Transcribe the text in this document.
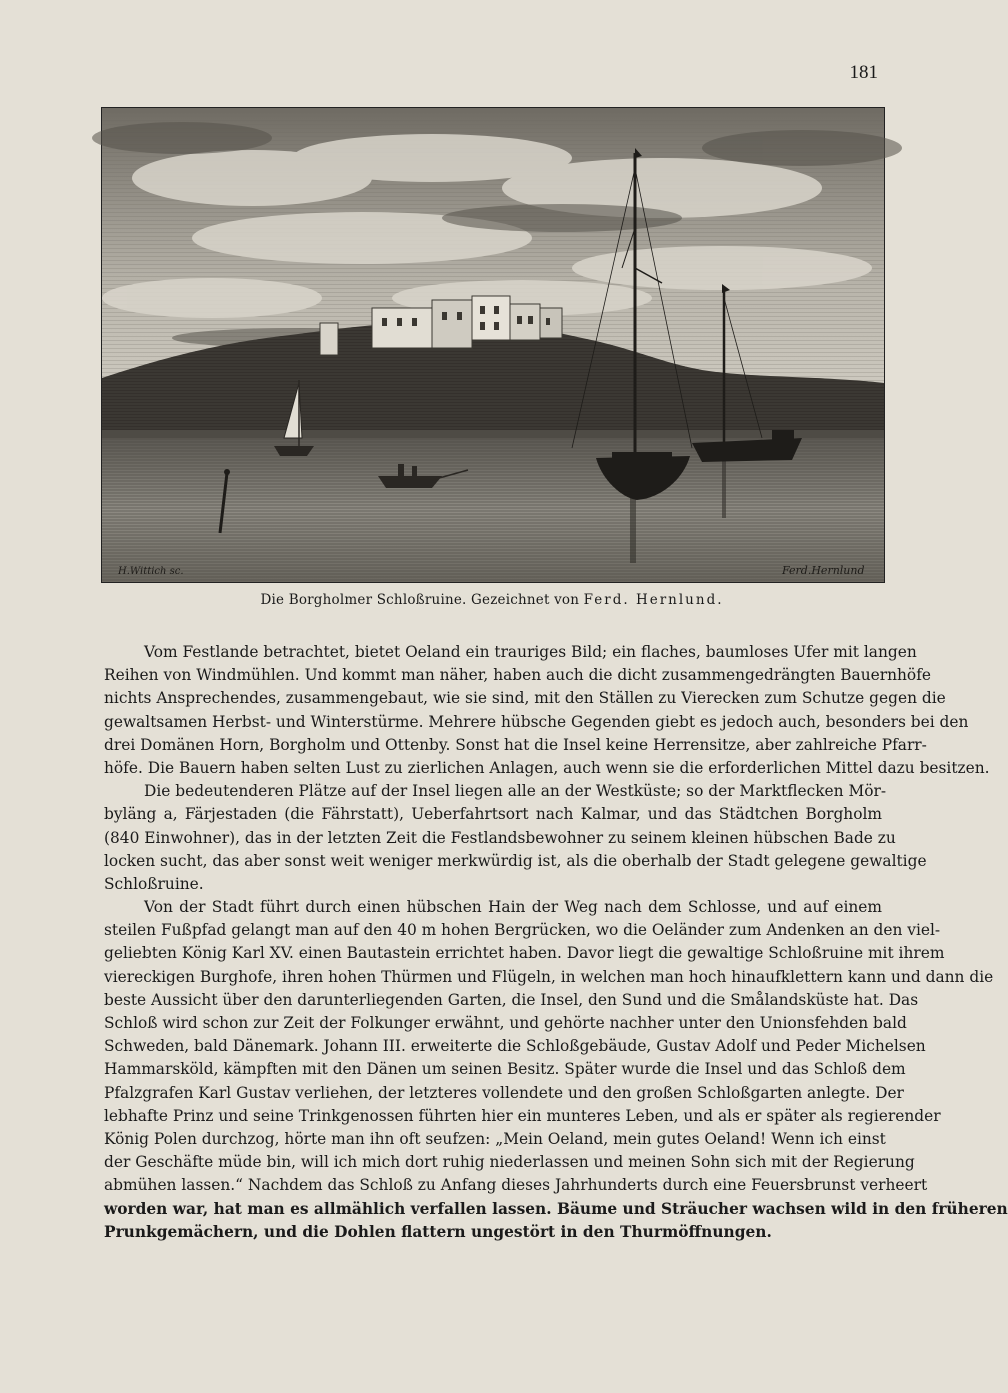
181
H.Wittich sc.	Ferd.Hernlund
Die Borgholmer Schloßruine. Gezeichnet von Ferd. Hernlund.
Vom Festlande betrachtet, bietet Oeland ein trauriges Bild; ein flaches, baumloses Ufer mit langen
Reihen von Windmühlen. Und kommt man näher, haben auch die dicht zusammengedrängten Bauernhöfe
nichts Ansprechendes, zusammengebaut, wie sie sind, mit den Ställen zu Vierecken zum Schutze gegen die
gewaltsamen Herbst- und Winterstürme. Mehrere hübsche Gegenden giebt es jedoch auch, besonders bei den
drei Domänen Horn, Borgholm und Ottenby. Sonst hat die Insel keine Herrensitze, aber zahlreiche Pfarr-
höfe. Die Bauern haben selten Lust zu zierlichen Anlagen, auch wenn sie die erforderlichen Mittel dazu besitzen.
Die bedeutenderen Plätze auf der Insel liegen alle an der Westküste; so der Marktflecken Mör-
byläng a, Färjestaden (die Fährstatt), Ueberfahrtsort nach Kalmar, und das Städtchen Borgholm
(840 Einwohner), das in der letzten Zeit die Festlandsbewohner zu seinem kleinen hübschen Bade zu
locken sucht, das aber sonst weit weniger merkwürdig ist, als die oberhalb der Stadt gelegene gewaltige
Schloßruine.
Von der Stadt führt durch einen hübschen Hain der Weg nach dem Schlosse, und auf einem
steilen Fußpfad gelangt man auf den 40 m hohen Bergrücken, wo die Oeländer zum Andenken an den viel-
geliebten König Karl XV. einen Bautastein errichtet haben. Davor liegt die gewaltige Schloßruine mit ihrem
viereckigen Burghofe, ihren hohen Thürmen und Flügeln, in welchen man hoch hinaufklettern kann und dann die
beste Aussicht über den darunterliegenden Garten, die Insel, den Sund und die Smålandsküste hat. Das
Schloß wird schon zur Zeit der Folkunger erwähnt, und gehörte nachher unter den Unionsfehden bald
Schweden, bald Dänemark. Johann III. erweiterte die Schloßgebäude, Gustav Adolf und Peder Michelsen
Hammarsköld, kämpften mit den Dänen um seinen Besitz. Später wurde die Insel und das Schloß dem
Pfalzgrafen Karl Gustav verliehen, der letzteres vollendete und den großen Schloßgarten anlegte. Der
lebhafte Prinz und seine Trinkgenossen führten hier ein munteres Leben, und als er später als regierender
König Polen durchzog, hörte man ihn oft seufzen: „Mein Oeland, mein gutes Oeland! Wenn ich einst
der Geschäfte müde bin, will ich mich dort ruhig niederlassen und meinen Sohn sich mit der Regierung
abmühen lassen.“ Nachdem das Schloß zu Anfang dieses Jahrhunderts durch eine Feuersbrunst verheert
worden war, hat man es allmählich verfallen lassen. Bäume und Sträucher wachsen wild in den früheren
Prunkgemächern, und die Dohlen flattern ungestört in den Thurmöffnungen.
